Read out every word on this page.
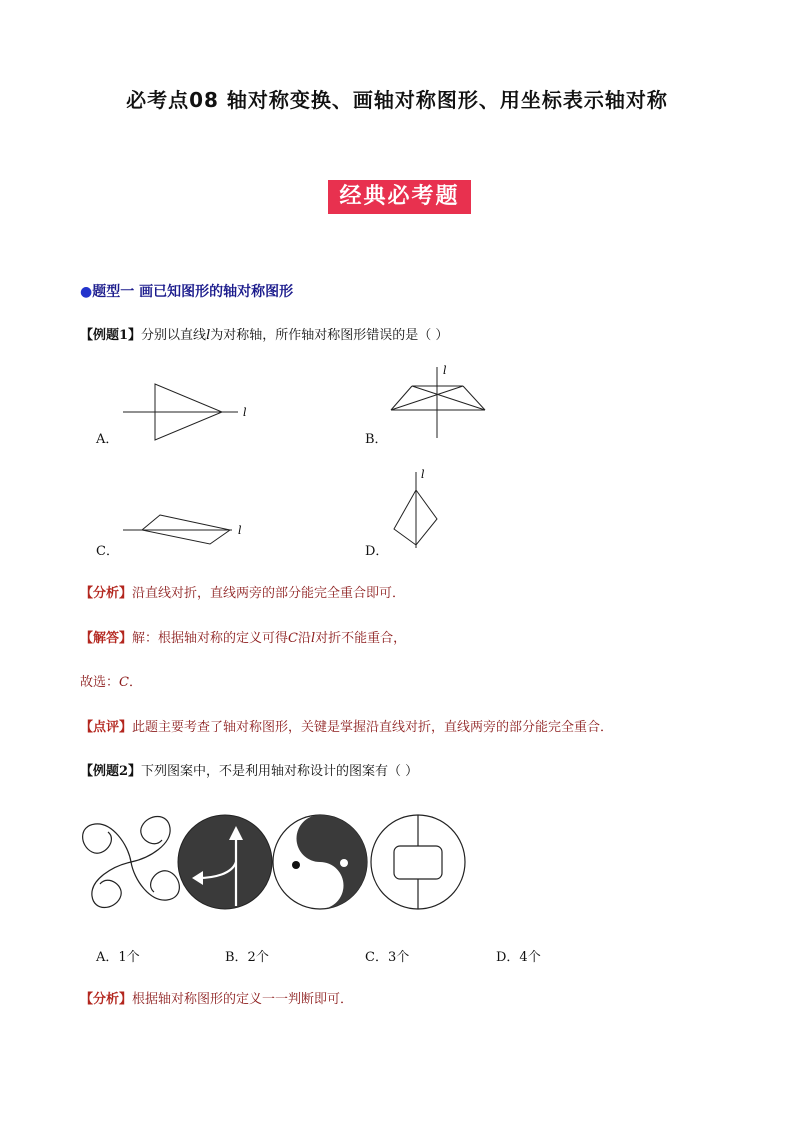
必考点08 轴对称变换、画轴对称图形、用坐标表示轴对称
经典必考题
●题型一 画已知图形的轴对称图形
【例题1】分别以直线l为对称轴，所作轴对称图形错误的是（ ）
l
A．
l
B．
l
C．
l
D．
【分析】沿直线对折，直线两旁的部分能完全重合即可．
【解答】解：根据轴对称的定义可得C沿l对折不能重合，
故选：C．
【点评】此题主要考查了轴对称图形，关键是掌握沿直线对折，直线两旁的部分能完全重合．
【例题2】下列图案中，不是利用轴对称设计的图案有（ ）
A．1个	B．2个	C．3个	D．4个
【分析】根据轴对称图形的定义一一判断即可．
